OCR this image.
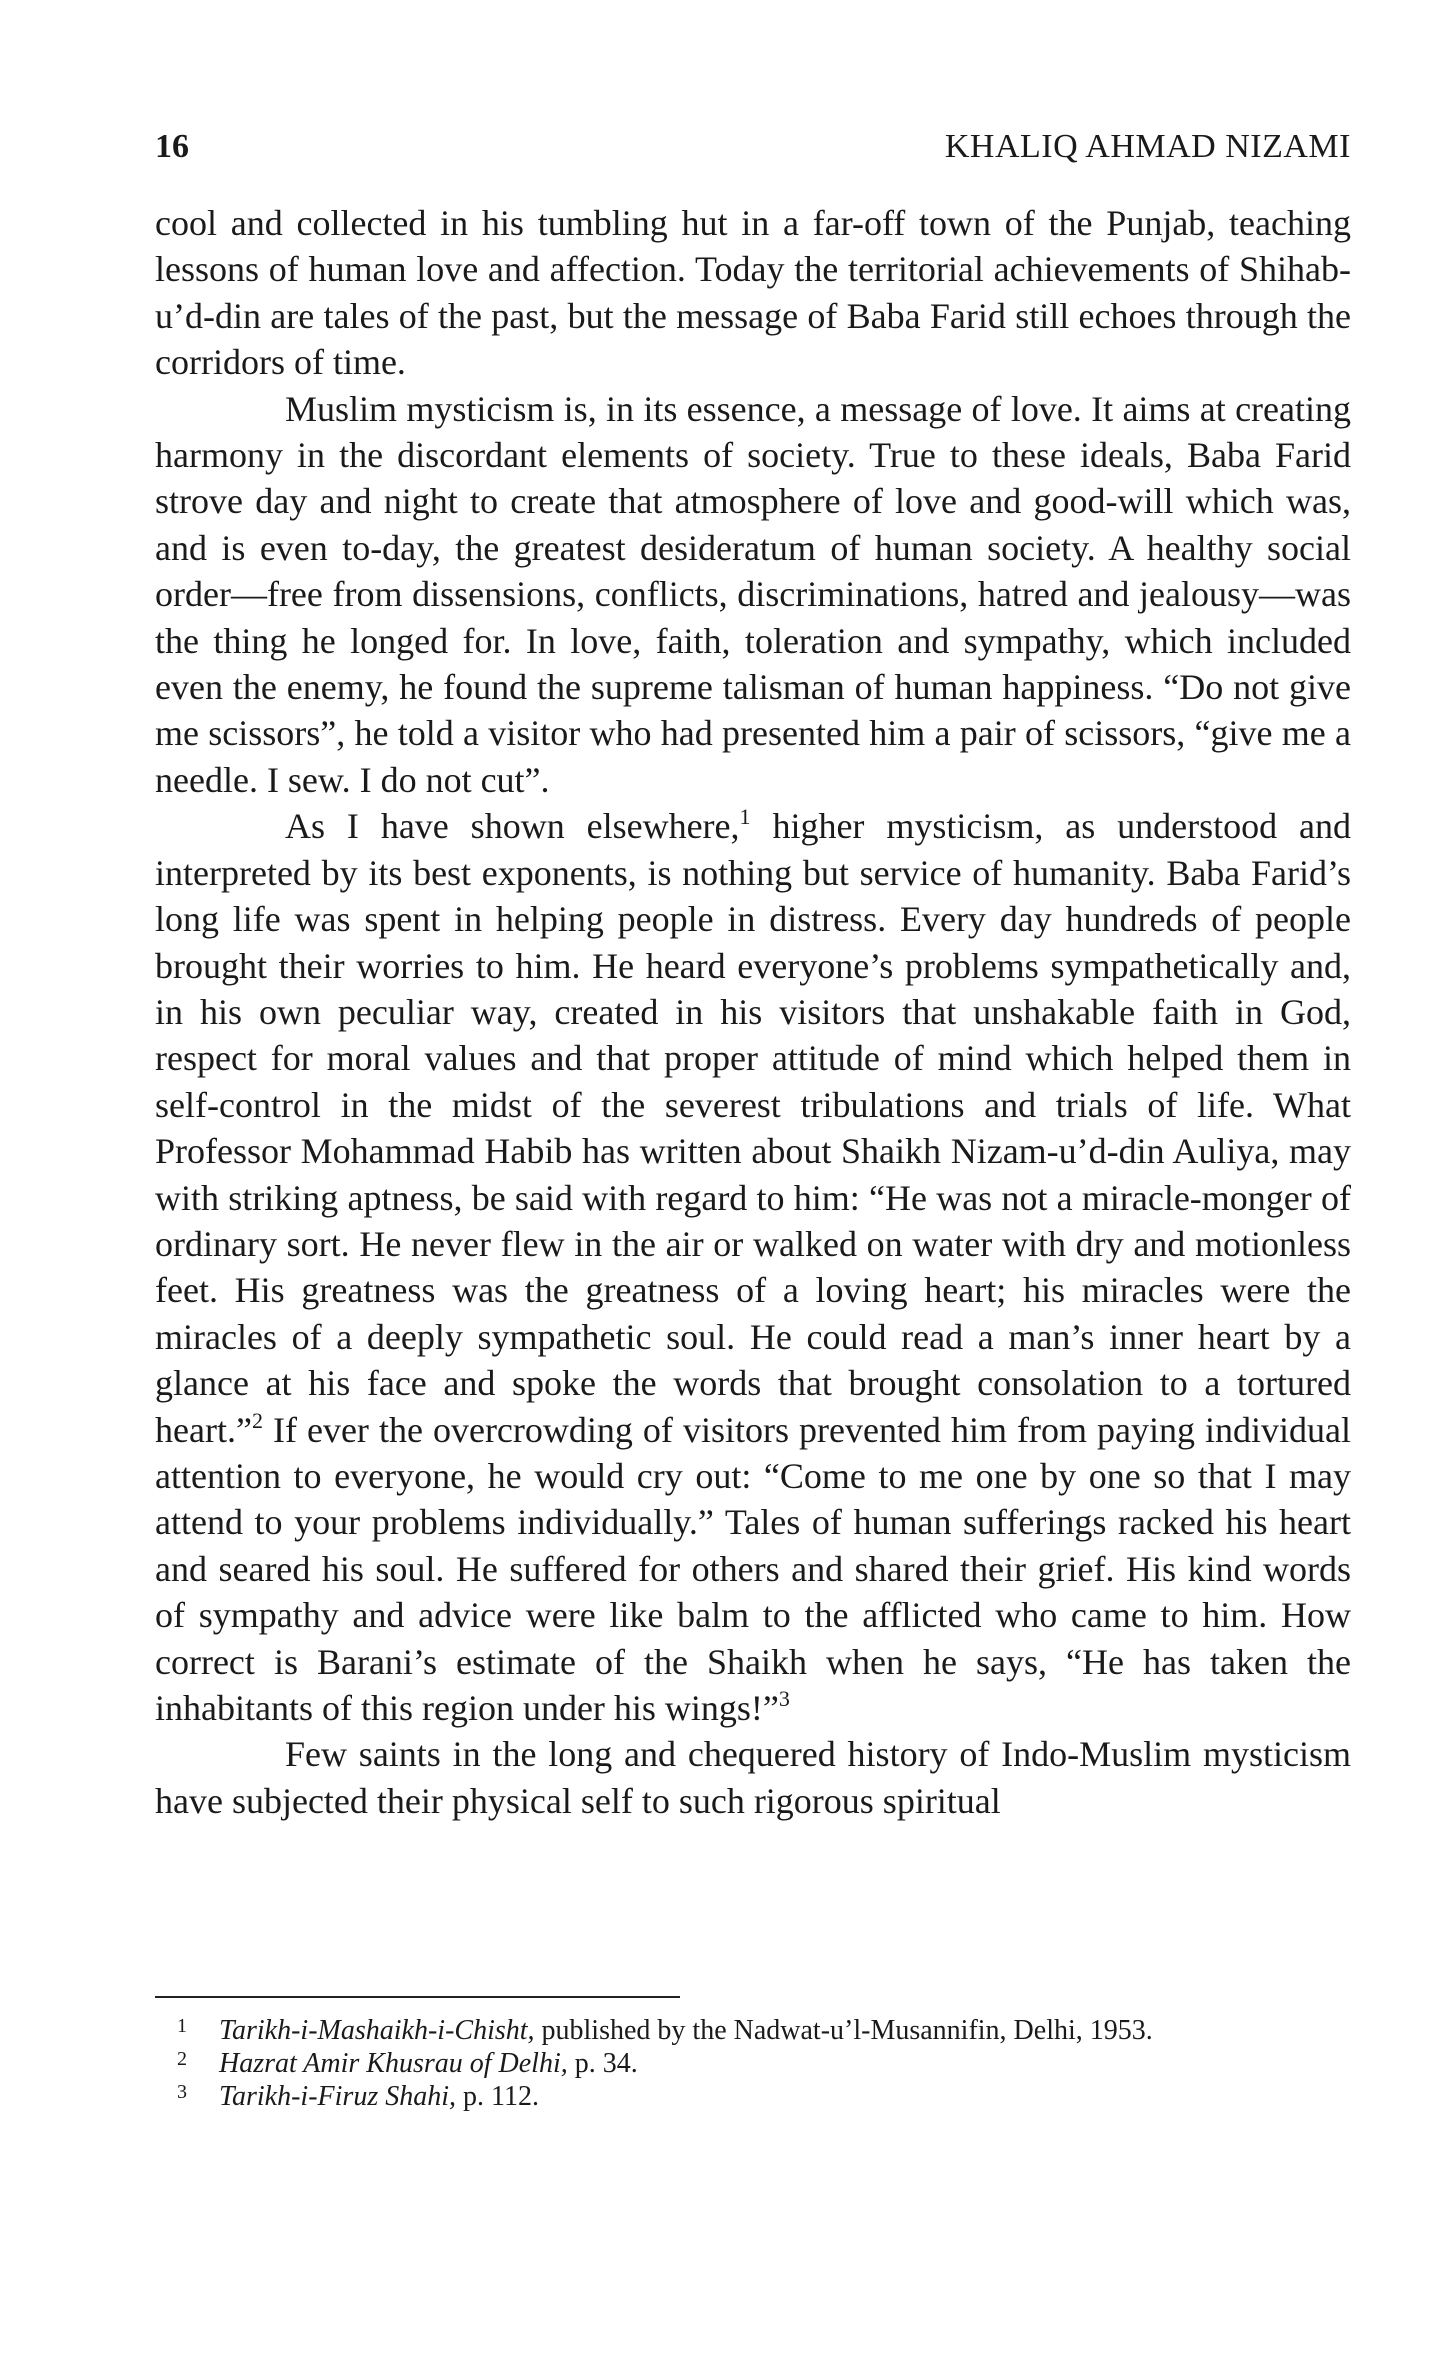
16	KHALIQ AHMAD NIZAMI

cool and collected in his tumbling hut in a far-off town of the Punjab, teaching lessons of human love and affection. Today the territorial achievements of Shihab-u’d-din are tales of the past, but the message of Baba Farid still echoes through the corridors of time.

Muslim mysticism is, in its essence, a message of love. It aims at creating harmony in the discordant elements of society. True to these ideals, Baba Farid strove day and night to create that atmosphere of love and good-will which was, and is even to-day, the greatest desideratum of human society. A healthy social order—free from dissensions, conflicts, discriminations, hatred and jealousy—was the thing he longed for. In love, faith, toleration and sympathy, which included even the enemy, he found the supreme talisman of human happiness. “Do not give me scissors”, he told a visitor who had presented him a pair of scissors, “give me a needle. I sew. I do not cut”.

As I have shown elsewhere,$^1$ higher mysticism, as understood and interpreted by its best exponents, is nothing but service of humanity. Baba Farid’s long life was spent in helping people in distress. Every day hundreds of people brought their worries to him. He heard everyone’s problems sympathetically and, in his own peculiar way, created in his visitors that unshakable faith in God, respect for moral values and that proper attitude of mind which helped them in self-control in the midst of the severest tribulations and trials of life. What Professor Mohammad Habib has written about Shaikh Nizam-u’d-din Auliya, may with striking aptness, be said with regard to him: “He was not a miracle-monger of ordinary sort. He never flew in the air or walked on water with dry and motionless feet. His greatness was the greatness of a loving heart; his miracles were the miracles of a deeply sympathetic soul. He could read a man’s inner heart by a glance at his face and spoke the words that brought consolation to a tortured heart.”$^2$ If ever the overcrowding of visitors prevented him from paying individual attention to everyone, he would cry out: “Come to me one by one so that I may attend to your problems individually.” Tales of human sufferings racked his heart and seared his soul. He suffered for others and shared their grief. His kind words of sympathy and advice were like balm to the afflicted who came to him. How correct is Barani’s estimate of the Shaikh when he says, “He has taken the inhabitants of this region under his wings!”$^3$

Few saints in the long and chequered history of Indo-Muslim mysticism have subjected their physical self to such rigorous spiritual

1 Tarikh-i-Mashaikh-i-Chisht, published by the Nadwat-u’l-Musannifin, Delhi, 1953.
2 Hazrat Amir Khusrau of Delhi, p. 34.
3 Tarikh-i-Firuz Shahi, p. 112.
